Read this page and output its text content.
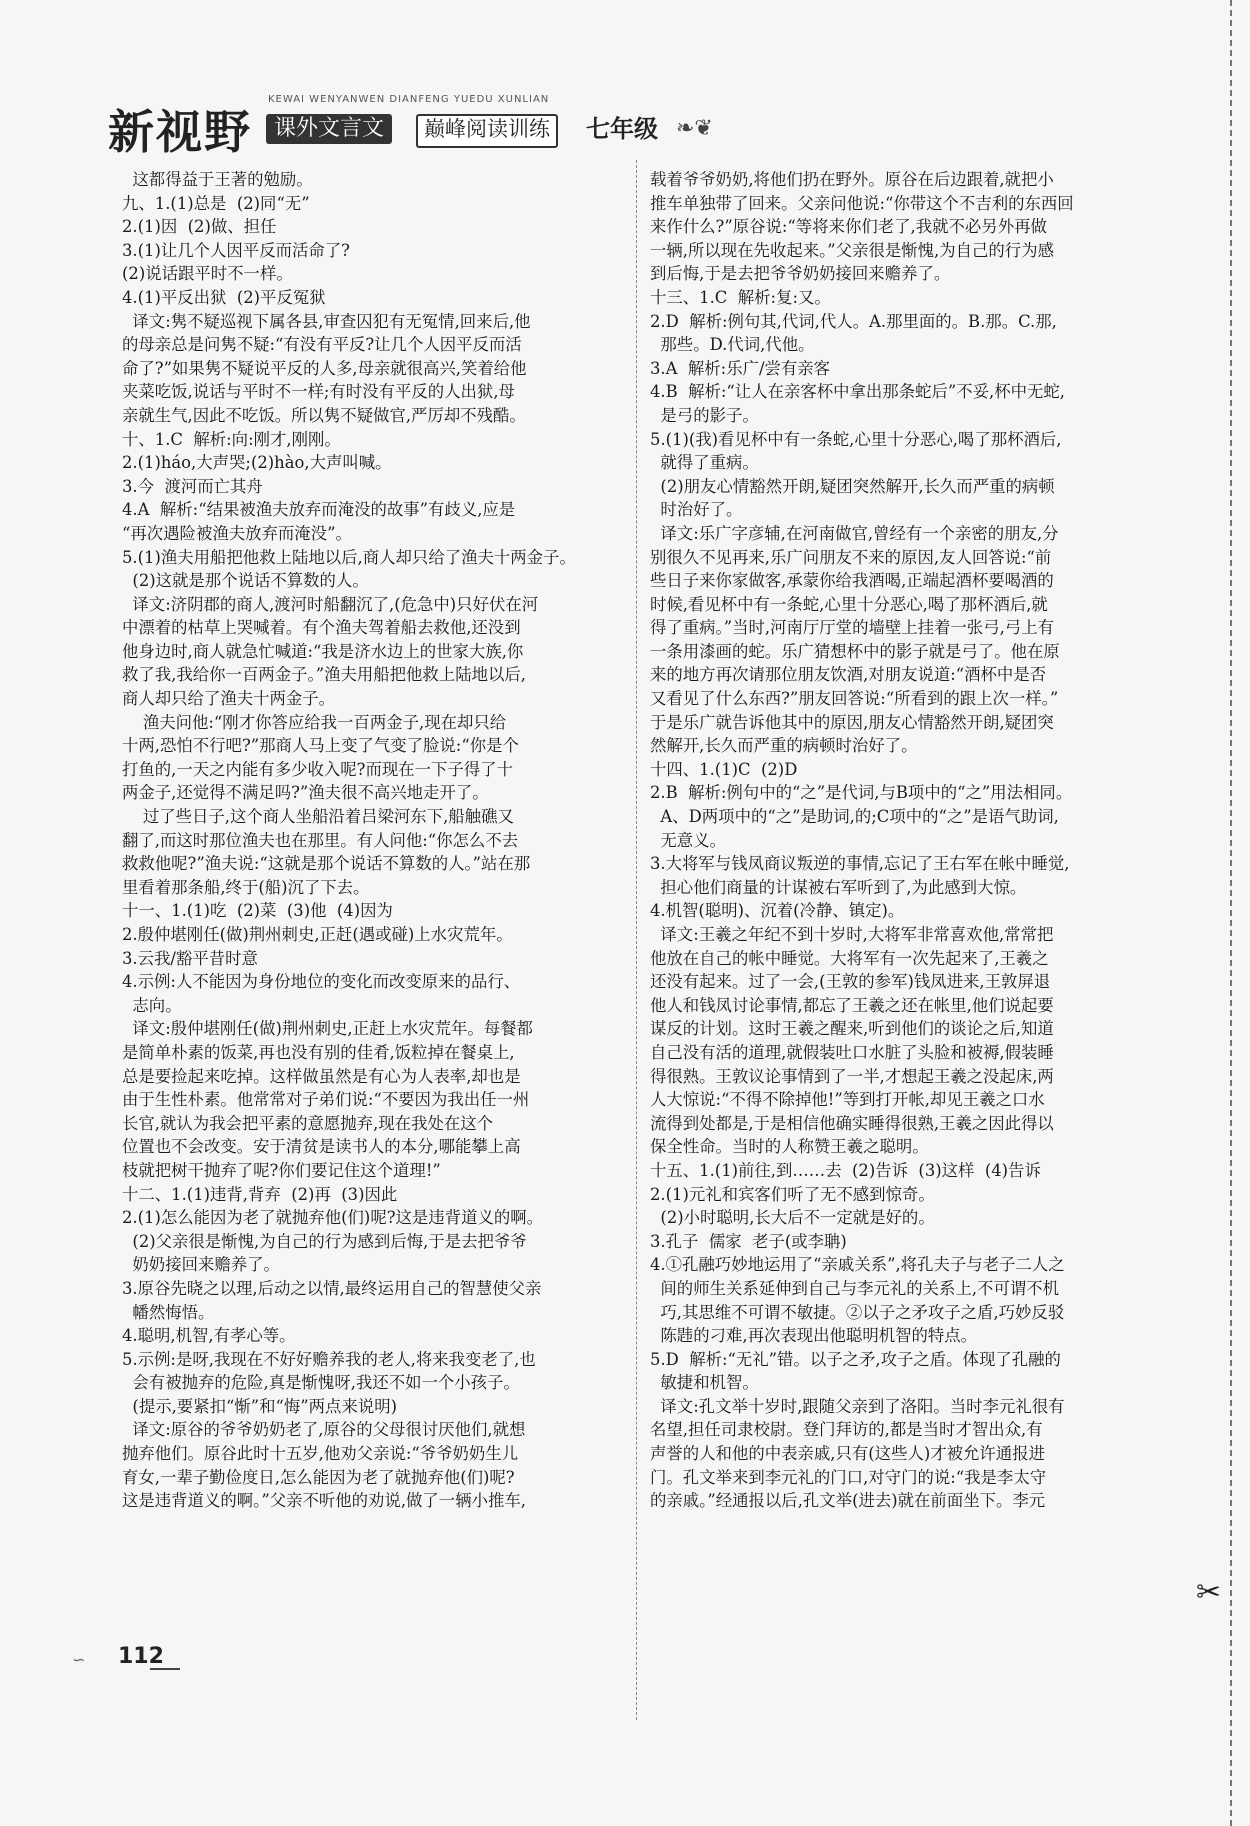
新视野
KEWAI WENYANWEN DIANFENG YUEDU XUNLIAN
课外文言文	巅峰阅读训练	七年级 ❧❦

这都得益于王著的勉励。

九、1.(1)总是  (2)同“无”

2.(1)因  (2)做、担任

3.(1)让几个人因平反而活命了?

(2)说话跟平时不一样。

4.(1)平反出狱  (2)平反冤狱

译文:隽不疑巡视下属各县,审查囚犯有无冤情,回来后,他

的母亲总是问隽不疑:“有没有平反?让几个人因平反而活

命了?”如果隽不疑说平反的人多,母亲就很高兴,笑着给他

夹菜吃饭,说话与平时不一样;有时没有平反的人出狱,母

亲就生气,因此不吃饭。所以隽不疑做官,严厉却不残酷。

十、1.C  解析:向:刚才,刚刚。

2.(1)háo,大声哭;(2)hào,大声叫喊。

3.今  渡河而亡其舟

4.A  解析:“结果被渔夫放弃而淹没的故事”有歧义,应是

“再次遇险被渔夫放弃而淹没”。

5.(1)渔夫用船把他救上陆地以后,商人却只给了渔夫十两金子。

(2)这就是那个说话不算数的人。

译文:济阴郡的商人,渡河时船翻沉了,(危急中)只好伏在河

中漂着的枯草上哭喊着。有个渔夫驾着船去救他,还没到

他身边时,商人就急忙喊道:“我是济水边上的世家大族,你

救了我,我给你一百两金子。”渔夫用船把他救上陆地以后,

商人却只给了渔夫十两金子。

渔夫问他:“刚才你答应给我一百两金子,现在却只给

十两,恐怕不行吧?”那商人马上变了气变了脸说:“你是个

打鱼的,一天之内能有多少收入呢?而现在一下子得了十

两金子,还觉得不满足吗?”渔夫很不高兴地走开了。

过了些日子,这个商人坐船沿着吕梁河东下,船触礁又

翻了,而这时那位渔夫也在那里。有人问他:“你怎么不去

救救他呢?”渔夫说:“这就是那个说话不算数的人。”站在那

里看着那条船,终于(船)沉了下去。

十一、1.(1)吃  (2)菜  (3)他  (4)因为

2.殷仲堪刚任(做)荆州刺史,正赶(遇或碰)上水灾荒年。

3.云我/豁平昔时意

4.示例:人不能因为身份地位的变化而改变原来的品行、

志向。

译文:殷仲堪刚任(做)荆州刺史,正赶上水灾荒年。每餐都

是简单朴素的饭菜,再也没有别的佳肴,饭粒掉在餐桌上,

总是要捡起来吃掉。这样做虽然是有心为人表率,却也是

由于生性朴素。他常常对子弟们说:“不要因为我出任一州

长官,就认为我会把平素的意愿抛弃,现在我处在这个

位置也不会改变。安于清贫是读书人的本分,哪能攀上高

枝就把树干抛弃了呢?你们要记住这个道理!”

十二、1.(1)违背,背弃  (2)再  (3)因此

2.(1)怎么能因为老了就抛弃他(们)呢?这是违背道义的啊。

(2)父亲很是惭愧,为自己的行为感到后悔,于是去把爷爷

奶奶接回来赡养了。

3.原谷先晓之以理,后动之以情,最终运用自己的智慧使父亲

幡然悔悟。

4.聪明,机智,有孝心等。

5.示例:是呀,我现在不好好赡养我的老人,将来我变老了,也

会有被抛弃的危险,真是惭愧呀,我还不如一个小孩子。

(提示,要紧扣“惭”和“悔”两点来说明)

译文:原谷的爷爷奶奶老了,原谷的父母很讨厌他们,就想

抛弃他们。原谷此时十五岁,他劝父亲说:“爷爷奶奶生儿

育女,一辈子勤俭度日,怎么能因为老了就抛弃他(们)呢?

这是违背道义的啊。”父亲不听他的劝说,做了一辆小推车,

载着爷爷奶奶,将他们扔在野外。原谷在后边跟着,就把小

推车单独带了回来。父亲问他说:“你带这个不吉利的东西回

来作什么?”原谷说:“等将来你们老了,我就不必另外再做

一辆,所以现在先收起来。”父亲很是惭愧,为自己的行为感

到后悔,于是去把爷爷奶奶接回来赡养了。

十三、1.C  解析:复:又。

2.D  解析:例句其,代词,代人。A.那里面的。B.那。C.那,

那些。D.代词,代他。

3.A  解析:乐广/尝有亲客

4.B  解析:“让人在亲客杯中拿出那条蛇后”不妥,杯中无蛇,

是弓的影子。

5.(1)(我)看见杯中有一条蛇,心里十分恶心,喝了那杯酒后,

就得了重病。

(2)朋友心情豁然开朗,疑团突然解开,长久而严重的病顿

时治好了。

译文:乐广字彦辅,在河南做官,曾经有一个亲密的朋友,分

别很久不见再来,乐广问朋友不来的原因,友人回答说:“前

些日子来你家做客,承蒙你给我酒喝,正端起酒杯要喝酒的

时候,看见杯中有一条蛇,心里十分恶心,喝了那杯酒后,就

得了重病。”当时,河南厅厅堂的墙壁上挂着一张弓,弓上有

一条用漆画的蛇。乐广猜想杯中的影子就是弓了。他在原

来的地方再次请那位朋友饮酒,对朋友说道:“酒杯中是否

又看见了什么东西?”朋友回答说:“所看到的跟上次一样。”

于是乐广就告诉他其中的原因,朋友心情豁然开朗,疑团突

然解开,长久而严重的病顿时治好了。

十四、1.(1)C  (2)D

2.B  解析:例句中的“之”是代词,与B项中的“之”用法相同。

A、D两项中的“之”是助词,的;C项中的“之”是语气助词,

无意义。

3.大将军与钱凤商议叛逆的事情,忘记了王右军在帐中睡觉,

担心他们商量的计谋被右军听到了,为此感到大惊。

4.机智(聪明)、沉着(冷静、镇定)。

译文:王羲之年纪不到十岁时,大将军非常喜欢他,常常把

他放在自己的帐中睡觉。大将军有一次先起来了,王羲之

还没有起来。过了一会,(王敦的参军)钱凤进来,王敦屏退

他人和钱凤讨论事情,都忘了王羲之还在帐里,他们说起要

谋反的计划。这时王羲之醒来,听到他们的谈论之后,知道

自己没有活的道理,就假装吐口水脏了头脸和被褥,假装睡

得很熟。王敦议论事情到了一半,才想起王羲之没起床,两

人大惊说:“不得不除掉他!”等到打开帐,却见王羲之口水

流得到处都是,于是相信他确实睡得很熟,王羲之因此得以

保全性命。当时的人称赞王羲之聪明。

十五、1.(1)前往,到……去  (2)告诉  (3)这样  (4)告诉

2.(1)元礼和宾客们听了无不感到惊奇。

(2)小时聪明,长大后不一定就是好的。

3.孔子  儒家  老子(或李聃)

4.①孔融巧妙地运用了“亲戚关系”,将孔夫子与老子二人之

间的师生关系延伸到自己与李元礼的关系上,不可谓不机

巧,其思维不可谓不敏捷。②以子之矛攻子之盾,巧妙反驳

陈韪的刁难,再次表现出他聪明机智的特点。

5.D  解析:“无礼”错。以子之矛,攻子之盾。体现了孔融的

敏捷和机智。

译文:孔文举十岁时,跟随父亲到了洛阳。当时李元礼很有

名望,担任司隶校尉。登门拜访的,都是当时才智出众,有

声誉的人和他的中表亲戚,只有(这些人)才被允许通报进

门。孔文举来到李元礼的门口,对守门的说:“我是李太守

的亲戚。”经通报以后,孔文举(进去)就在前面坐下。李元

✂
∽	112
